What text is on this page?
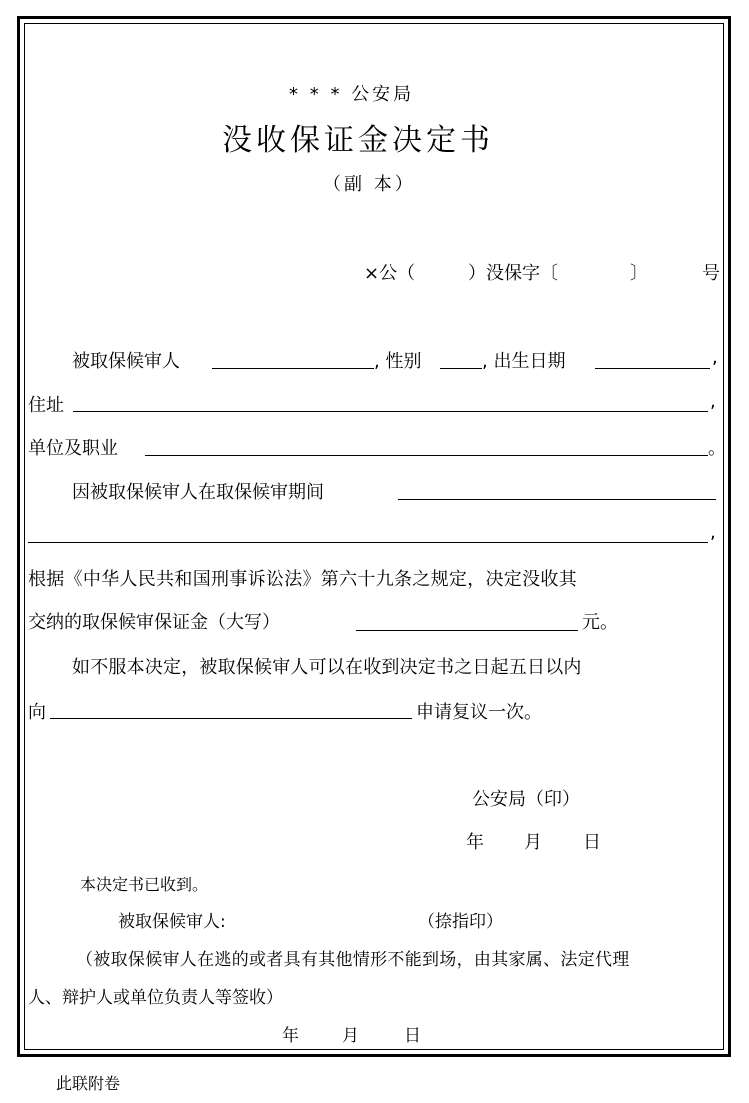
* * * 公安局
没收保证金决定书
（副 本）
×公（	）没保字〔	〕	号
被取保候审人	, 性别	, 出生日期	,
住址	,
单位及职业	。
因被取保候审人在取保候审期间
,
根据《中华人民共和国刑事诉讼法》第六十九条之规定，决定没收其
交纳的取保候审保证金（大写）	元。
如不服本决定，被取保候审人可以在收到决定书之日起五日以内
向	申请复议一次。
公安局（印）
年 月 日
本决定书已收到。
被取保候审人:	（捺指印）
（被取保候审人在逃的或者具有其他情形不能到场，由其家属、法定代理
人、辩护人或单位负责人等签收）
年	月	日
此联附卷
